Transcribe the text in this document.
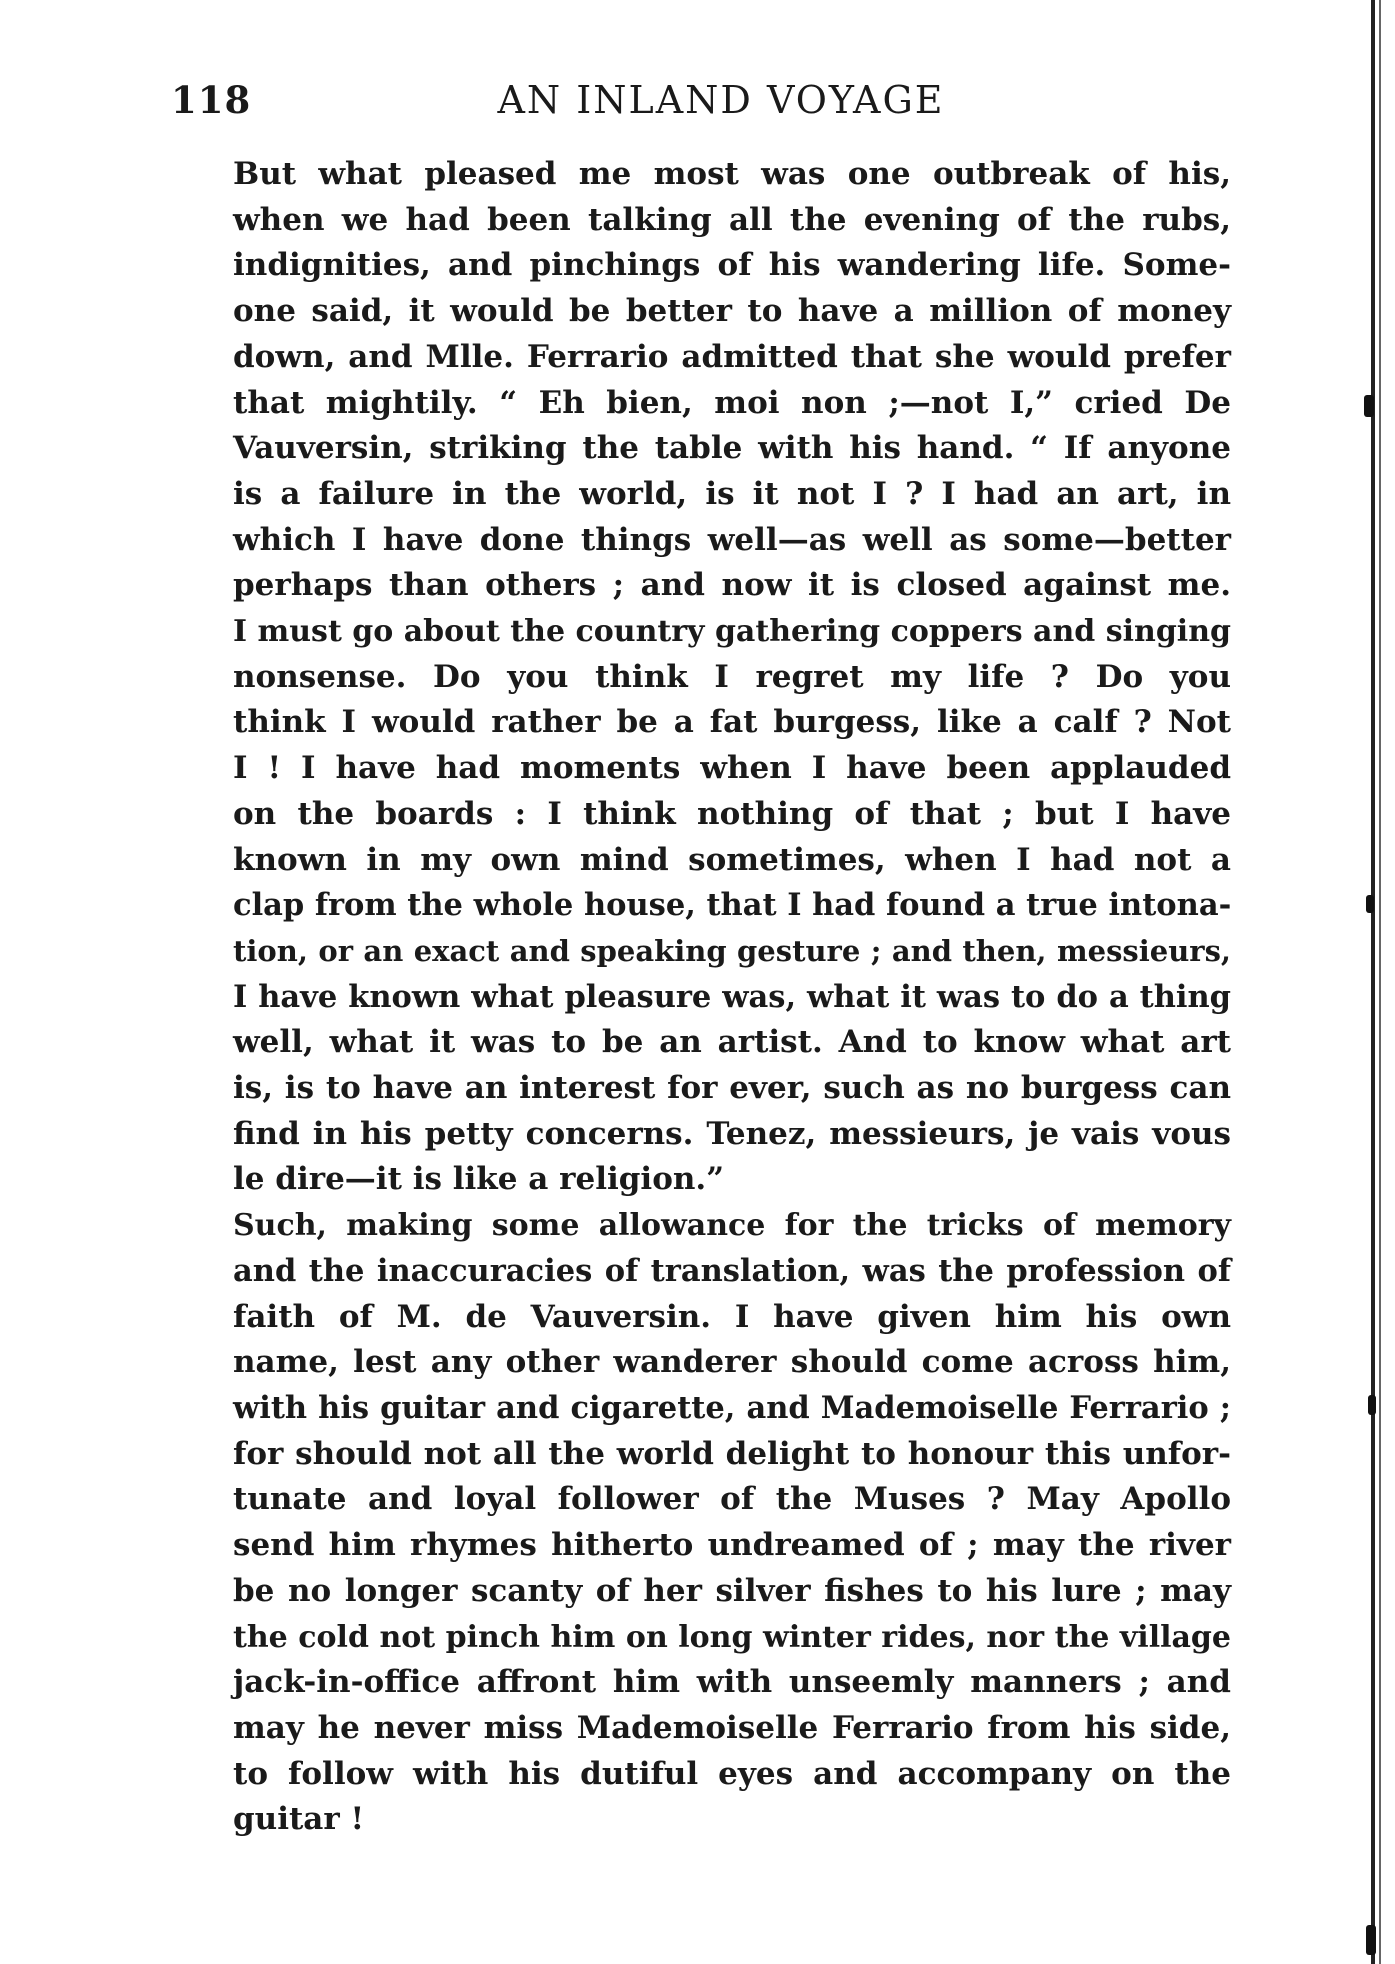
118	AN INLAND VOYAGE
But what pleased me most was one outbreak of his,
when we had been talking all the evening of the rubs,
indignities, and pinchings of his wandering life. Some-
one said, it would be better to have a million of money
down, and Mlle. Ferrario admitted that she would prefer
that mightily. “ Eh bien, moi non ;—not I,” cried De
Vauversin, striking the table with his hand. “ If anyone
is a failure in the world, is it not I ? I had an art, in
which I have done things well—as well as some—better
perhaps than others ; and now it is closed against me.
I must go about the country gathering coppers and singing
nonsense. Do you think I regret my life ? Do you
think I would rather be a fat burgess, like a calf ? Not
I ! I have had moments when I have been applauded
on the boards : I think nothing of that ; but I have
known in my own mind sometimes, when I had not a
clap from the whole house, that I had found a true intona-
tion, or an exact and speaking gesture ; and then, messieurs,
I have known what pleasure was, what it was to do a thing
well, what it was to be an artist. And to know what art
is, is to have an interest for ever, such as no burgess can
find in his petty concerns. Tenez, messieurs, je vais vous
le dire—it is like a religion.”
Such, making some allowance for the tricks of memory
and the inaccuracies of translation, was the profession of
faith of M. de Vauversin. I have given him his own
name, lest any other wanderer should come across him,
with his guitar and cigarette, and Mademoiselle Ferrario ;
for should not all the world delight to honour this unfor-
tunate and loyal follower of the Muses ? May Apollo
send him rhymes hitherto undreamed of ; may the river
be no longer scanty of her silver fishes to his lure ; may
the cold not pinch him on long winter rides, nor the village
jack-in-office affront him with unseemly manners ; and
may he never miss Mademoiselle Ferrario from his side,
to follow with his dutiful eyes and accompany on the
guitar !
